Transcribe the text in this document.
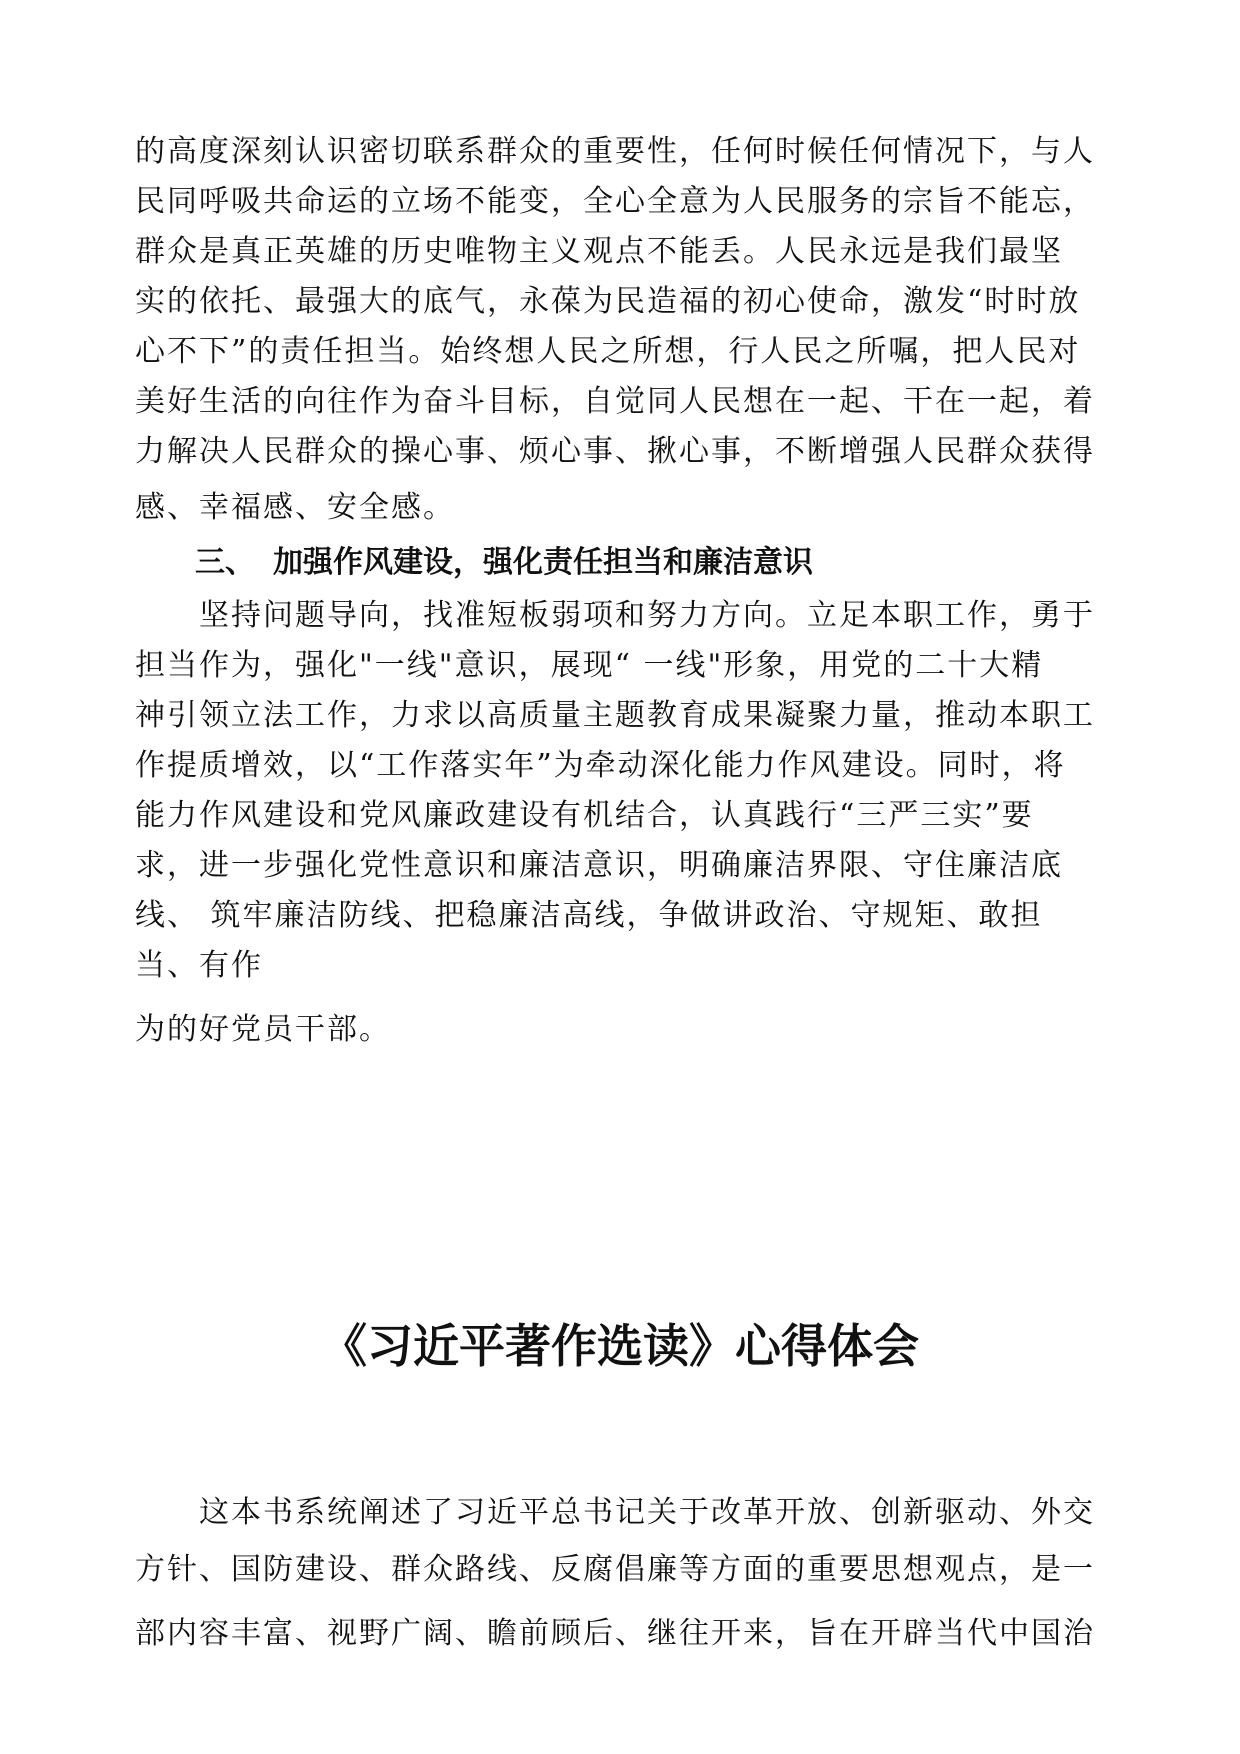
的高度深刻认识密切联系群众的重要性，任何时候任何情况下，与人
民同呼吸共命运的立场不能变，全心全意为人民服务的宗旨不能忘，
群众是真正英雄的历史唯物主义观点不能丢。人民永远是我们最坚
实的依托、最强大的底气，永葆为民造福的初心使命，激发“时时放
心不下”的责任担当。始终想人民之所想，行人民之所嘱，把人民对
美好生活的向往作为奋斗目标，自觉同人民想在一起、干在一起，着
力解决人民群众的操心事、烦心事、揪心事，不断增强人民群众获得
感、幸福感、安全感。
三、 加强作风建设，强化责任担当和廉洁意识
　　坚持问题导向，找准短板弱项和努力方向。立足本职工作，勇于
担当作为，强化"一线"意识，展现“ 一线"形象，用党的二十大精
神引领立法工作，力求以高质量主题教育成果凝聚力量，推动本职工
作提质增效，以“工作落实年”为牵动深化能力作风建设。同时，将
能力作风建设和党风廉政建设有机结合，认真践行“三严三实”要
求，进一步强化党性意识和廉洁意识，明确廉洁界限、守住廉洁底
线、 筑牢廉洁防线、把稳廉洁高线，争做讲政治、守规矩、敢担
当、有作
为的好党员干部。
《习近平著作选读》心得体会
　　这本书系统阐述了习近平总书记关于改革开放、创新驱动、外交
方针、国防建设、群众路线、反腐倡廉等方面的重要思想观点，是一
部内容丰富、视野广阔、瞻前顾后、继往开来，旨在开辟当代中国治
